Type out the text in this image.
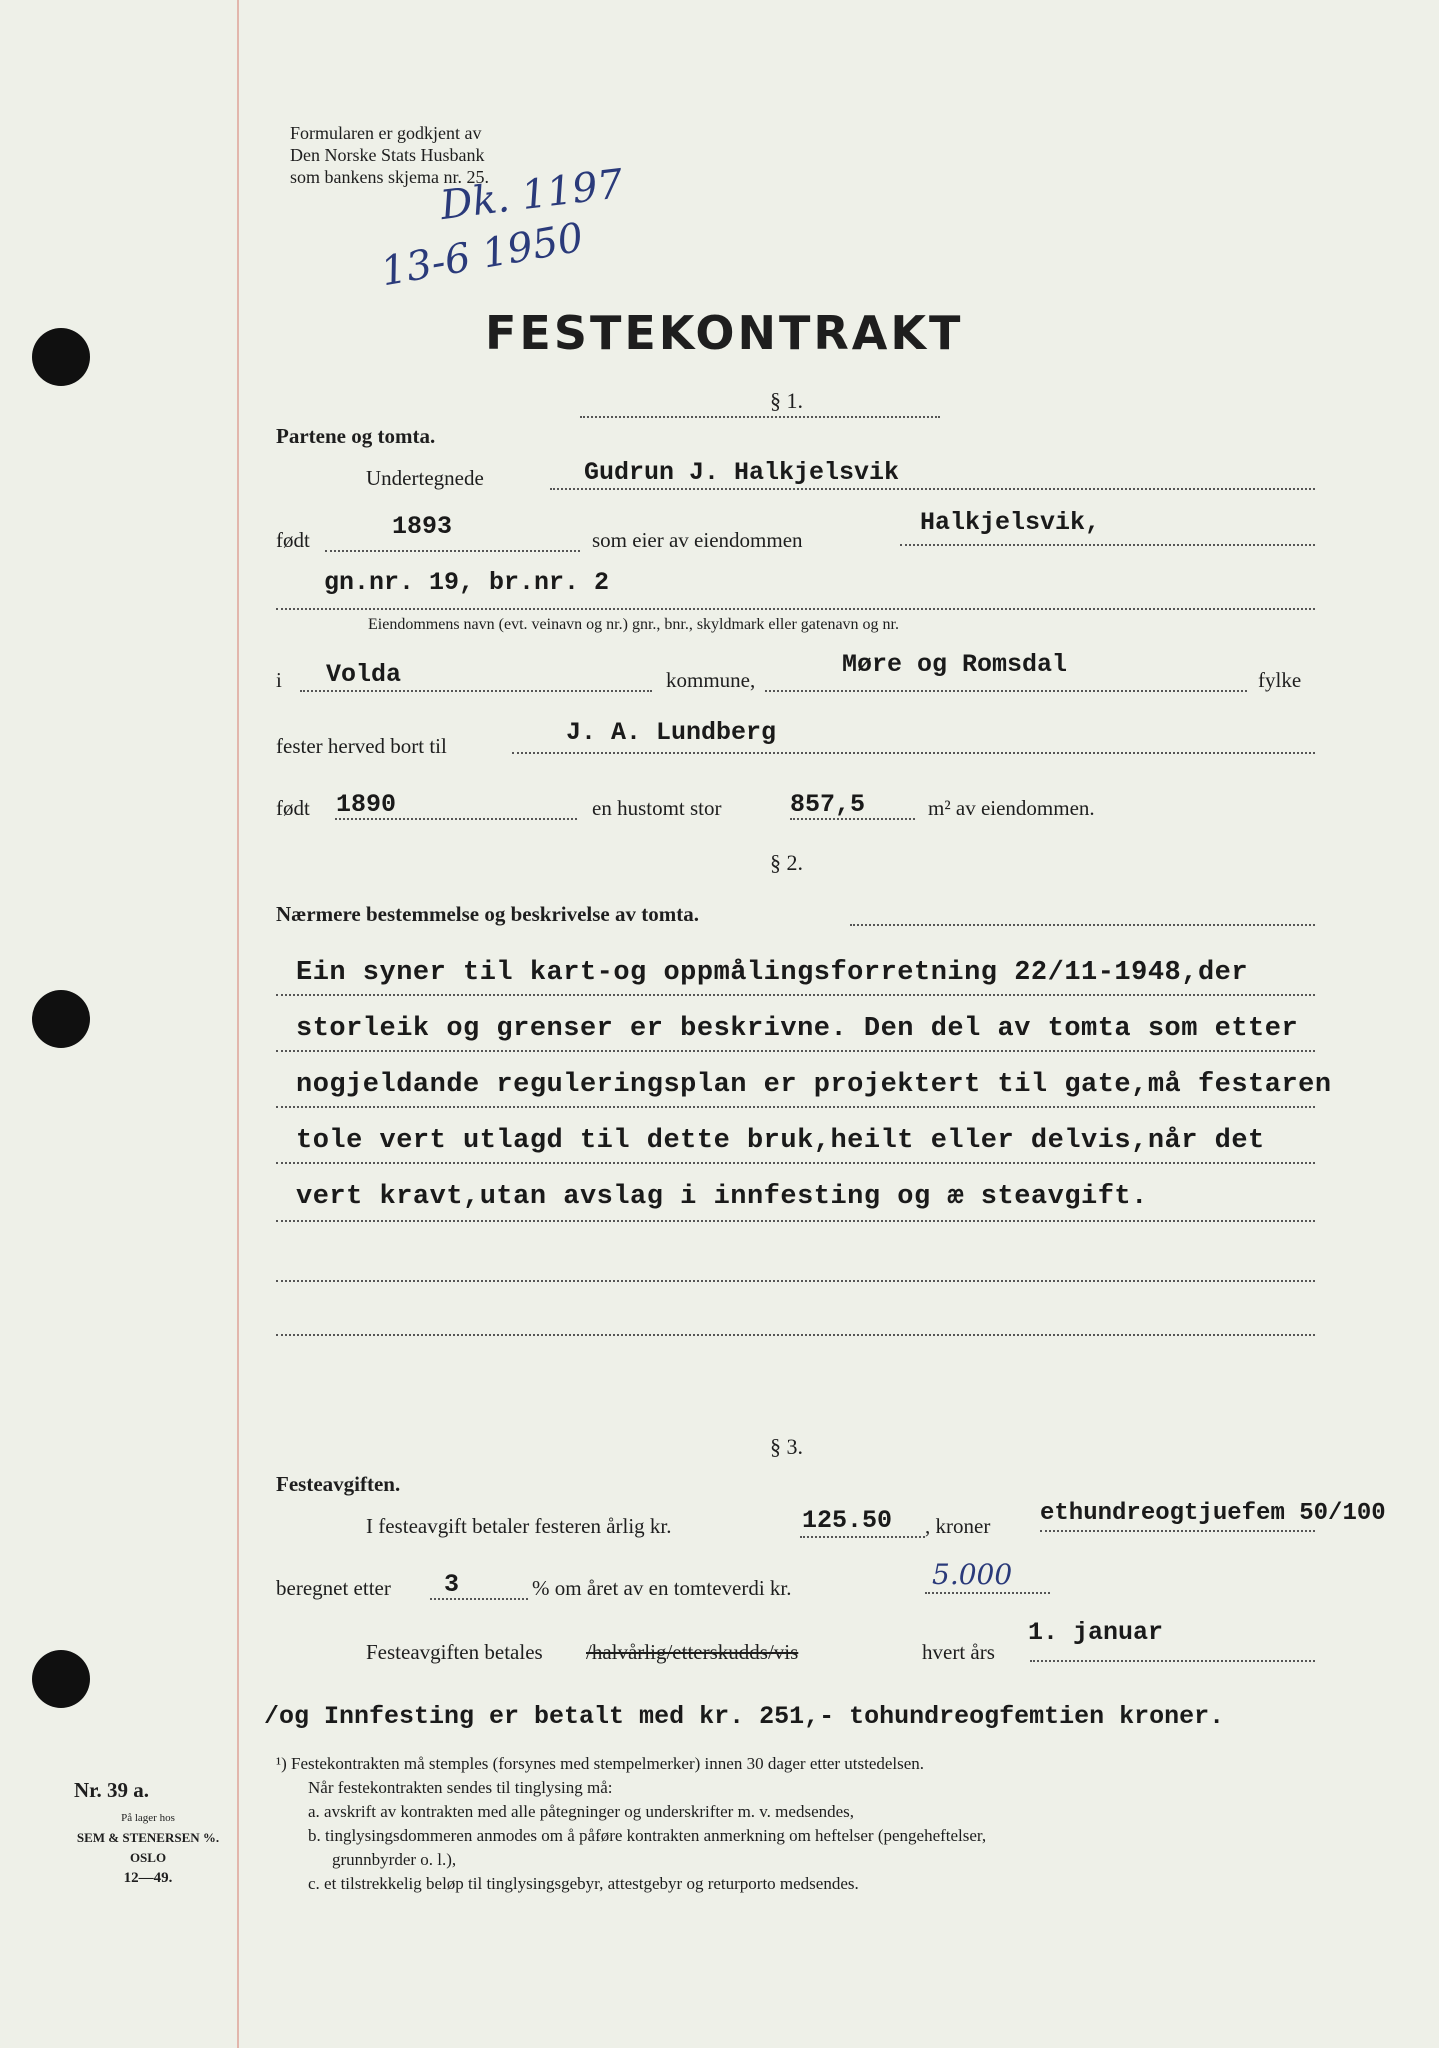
Formularen er godkjent av
Den Norske Stats Husbank
som bankens skjema nr. 25.
Dk. 1197
13-6 1950
FESTEKONTRAKT
§ 1.
Partene og tomta.
Undertegnede	Gudrun J. Halkjelsvik
født	1893	som eier av eiendommen
Halkjelsvik,
gn.nr. 19, br.nr. 2
Eiendommens navn (evt. veinavn og nr.) gnr., bnr., skyldmark eller gatenavn og nr.
i Volda	kommune,
Møre og Romsdal
fylke
fester herved bort til	J. A. Lundberg
født 1890	en hustomt stor	857,5	m² av eiendommen.
§ 2.
Nærmere bestemmelse og beskrivelse av tomta.
Ein syner til kart-og oppmålingsforretning 22/11-1948,der
storleik og grenser er beskrivne. Den del av tomta som etter
nogjeldande reguleringsplan er projektert til gate,må festaren
tole vert utlagd til dette bruk,heilt eller delvis,når det
vert kravt,utan avslag i innfesting og æ steavgift.
§ 3.
Festeavgiften.
I festeavgift betaler festeren årlig kr.	125.50 , kroner ethundreogtjuefem 50/100
beregnet etter 3	% om året av en tomteverdi kr.	5.000
Festeavgiften betales /halvårlig/etterskudds/vis	hvert års
1. januar
/og Innfesting er betalt med kr. 251,- tohundreogfemtien kroner.
¹) Festekontrakten må stemples (forsynes med stempelmerker) innen 30 dager etter utstedelsen.
Når festekontrakten sendes til tinglysing må:
a. avskrift av kontrakten med alle påtegninger og underskrifter m. v. medsendes,
b. tinglysingsdommeren anmodes om å påføre kontrakten anmerkning om heftelser (pengeheftelser,
grunnbyrder o. l.),
c. et tilstrekkelig beløp til tinglysingsgebyr, attestgebyr og returporto medsendes.
Nr. 39 a.
På lager hos
SEM & STENERSEN %. OSLO
12—49.
